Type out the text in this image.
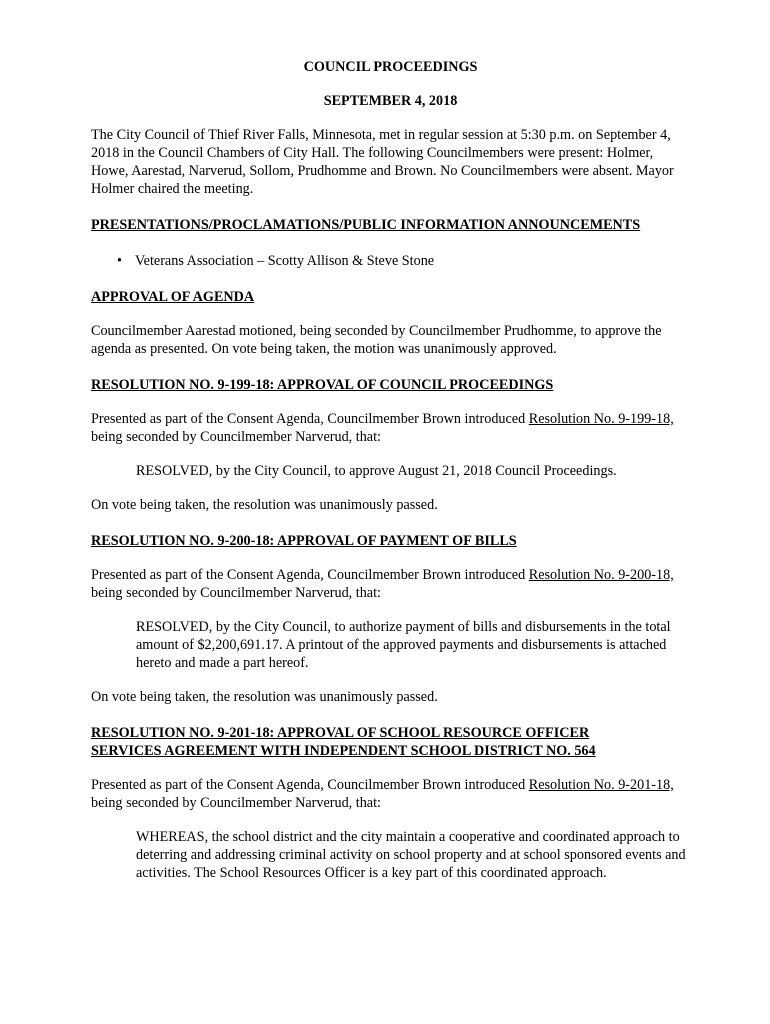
COUNCIL PROCEEDINGS

SEPTEMBER 4, 2018

The City Council of Thief River Falls, Minnesota, met in regular session at 5:30 p.m. on September 4, 2018 in the Council Chambers of City Hall. The following Councilmembers were present: Holmer, Howe, Aarestad, Narverud, Sollom, Prudhomme and Brown. No Councilmembers were absent. Mayor Holmer chaired the meeting.

PRESENTATIONS/PROCLAMATIONS/PUBLIC INFORMATION ANNOUNCEMENTS

• Veterans Association – Scotty Allison & Steve Stone

APPROVAL OF AGENDA

Councilmember Aarestad motioned, being seconded by Councilmember Prudhomme, to approve the agenda as presented. On vote being taken, the motion was unanimously approved.

RESOLUTION NO. 9-199-18: APPROVAL OF COUNCIL PROCEEDINGS

Presented as part of the Consent Agenda, Councilmember Brown introduced Resolution No. 9-199-18, being seconded by Councilmember Narverud, that:

RESOLVED, by the City Council, to approve August 21, 2018 Council Proceedings.

On vote being taken, the resolution was unanimously passed.

RESOLUTION NO. 9-200-18: APPROVAL OF PAYMENT OF BILLS

Presented as part of the Consent Agenda, Councilmember Brown introduced Resolution No. 9-200-18, being seconded by Councilmember Narverud, that:

RESOLVED, by the City Council, to authorize payment of bills and disbursements in the total amount of $2,200,691.17. A printout of the approved payments and disbursements is attached hereto and made a part hereof.

On vote being taken, the resolution was unanimously passed.

RESOLUTION NO. 9-201-18: APPROVAL OF SCHOOL RESOURCE OFFICER
SERVICES AGREEMENT WITH INDEPENDENT SCHOOL DISTRICT NO. 564

Presented as part of the Consent Agenda, Councilmember Brown introduced Resolution No. 9-201-18, being seconded by Councilmember Narverud, that:

WHEREAS, the school district and the city maintain a cooperative and coordinated approach to deterring and addressing criminal activity on school property and at school sponsored events and activities. The School Resources Officer is a key part of this coordinated approach.
